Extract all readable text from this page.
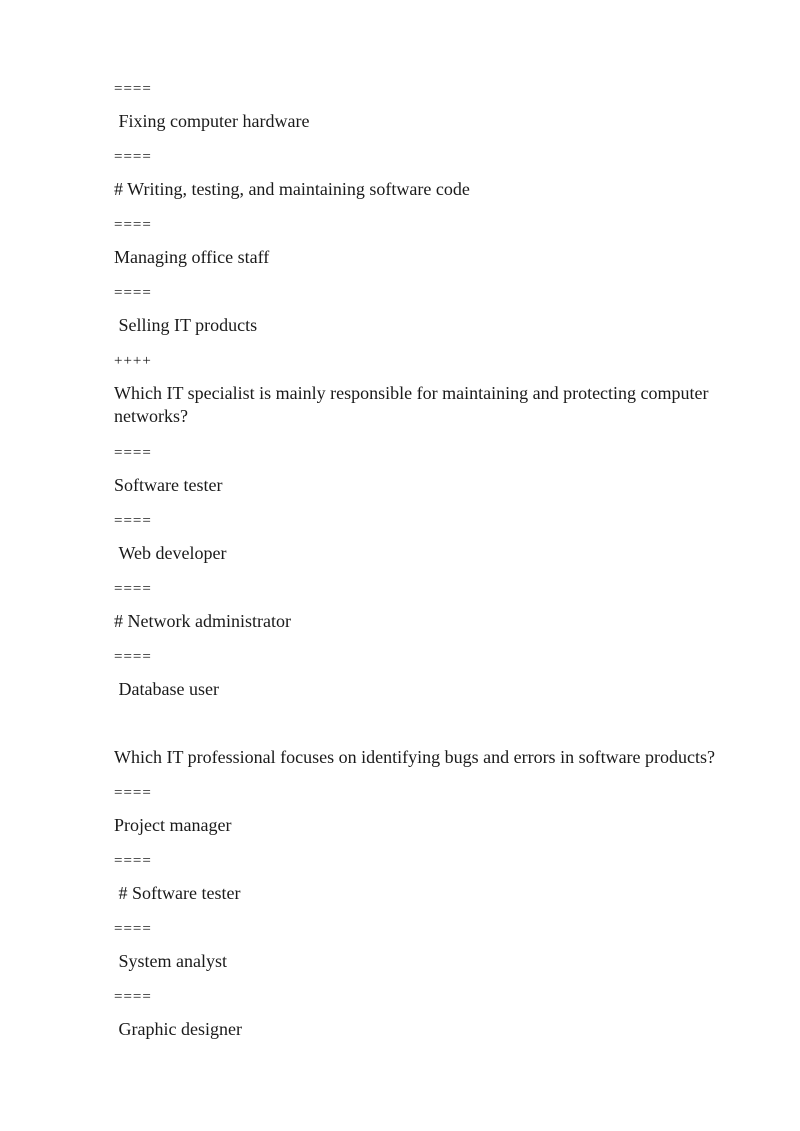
====
Fixing computer hardware
====
# Writing, testing, and maintaining software code
====
Managing office staff
====
Selling IT products
++++
Which IT specialist is mainly responsible for maintaining and protecting computer networks?
====
Software tester
====
Web developer
====
# Network administrator
====
Database user
Which IT professional focuses on identifying bugs and errors in software products?
====
Project manager
====
# Software tester
====
System analyst
====
Graphic designer
